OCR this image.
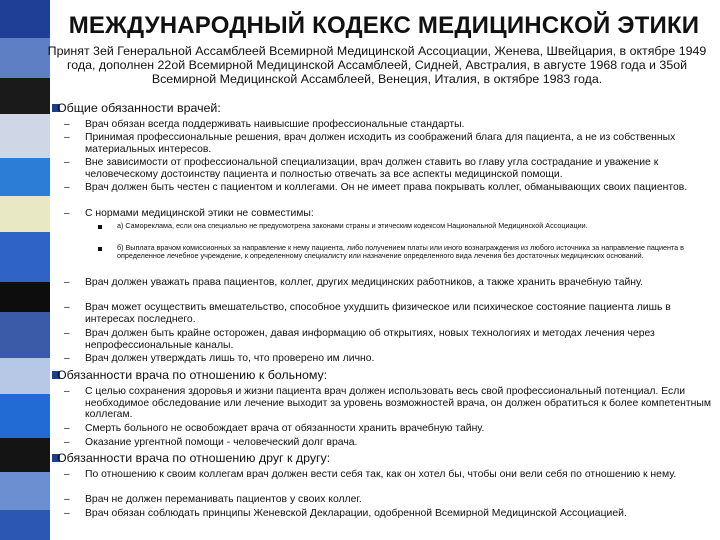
МЕЖДУНАРОДНЫЙ КОДЕКС МЕДИЦИНСКОЙ ЭТИКИ
Принят 3ей Генеральной Ассамблеей Всемирной Медицинской Ассоциации, Женева, Швейцария, в октябре 1949 года, дополнен 22ой Всемирной Медицинской Ассамблеей, Сидней, Австралия, в августе 1968 года и 35ой Всемирной Медицинской Ассамблеей, Венеция, Италия, в октябре 1983 года.
Общие обязанности врачей:
– Врач обязан всегда поддерживать наивысшие профессиональные стандарты.
– Принимая профессиональные решения, врач должен исходить из соображений блага для пациента, а не из собственных материальных интересов.
– Вне зависимости от профессиональной специализации, врач должен ставить во главу угла сострадание и уважение к человеческому достоинству пациента и полностью отвечать за все аспекты медицинской помощи.
– Врач должен быть честен с пациентом и коллегами. Он не имеет права покрывать коллег, обманывающих своих пациентов.
– С нормами медицинской этики не совместимы:
а) Саморeклама, если она специально не предусмотрена законами страны и этическим кодексом Национальной Медицинской Ассоциации.
б) Выплата врачом комиссионных за направление к нему пациента, либо получением платы или иного вознаграждения из любого источника за направление пациента в определенное лечебное учреждение, к определенному специалисту или назначение определенного вида лечения без достаточных медицинских оснований.
– Врач должен уважать права пациентов, коллег, других медицинских работников, а также хранить врачебную тайну.
– Врач может осуществить вмешательство, способное ухудшить физическое или психическое состояние пациента лишь в интересах последнего.
– Врач должен быть крайне осторожен, давая информацию об открытиях, новых технологиях и методах лечения через непрофессиональные каналы.
– Врач должен утверждать лишь то, что проверено им лично.
Обязанности врача по отношению к больному:
– С целью сохранения здоровья и жизни пациента врач должен использовать весь свой профессиональный потенциал. Если необходимое обследование или лечение выходит за уровень возможностей врача, он должен обратиться к более компетентным коллегам.
– Смерть больного не освобождает врача от обязанности хранить врачебную тайну.
– Оказание ургентной помощи - человеческий долг врача.
Обязанности врача по отношению друг к другу:
– По отношению к своим коллегам врач должен вести себя так, как он хотел бы, чтобы они вели себя по отношению к нему.
– Врач не должен переманивать пациентов у своих коллег.
– Врач обязан соблюдать принципы Женевской Декларации, одобренной Всемирной Медицинской Ассоциацией.
